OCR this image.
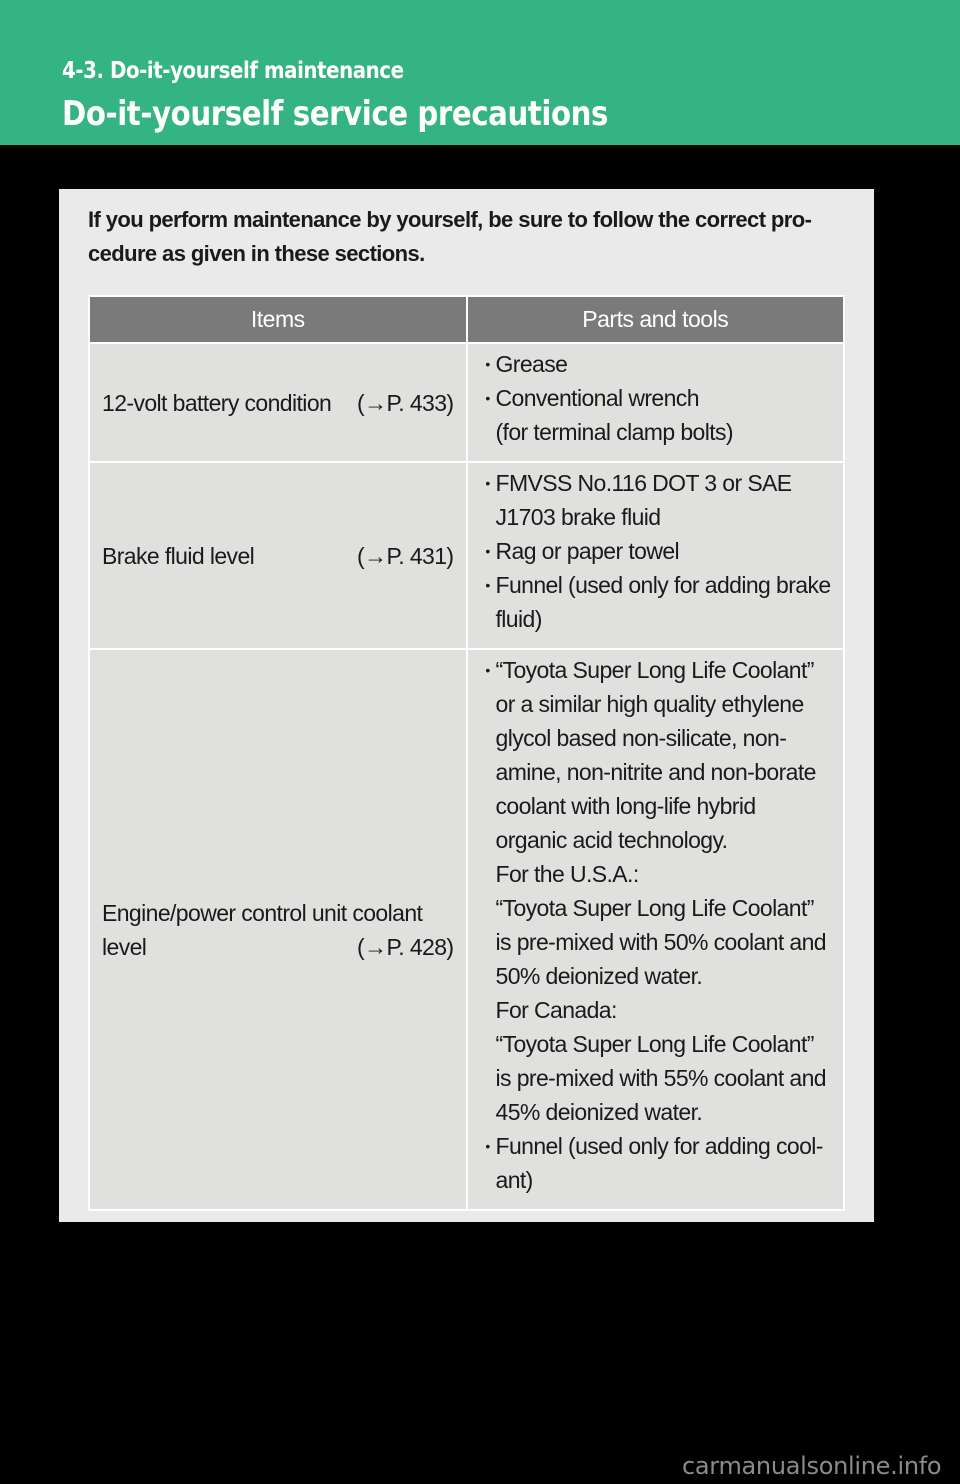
4-3. Do-it-yourself maintenance
Do-it-yourself service precautions
If you perform maintenance by yourself, be sure to follow the correct pro-
cedure as given in these sections.
Items	Parts and tools

12-volt battery condition (→P. 433)

• Grease
• Conventional wrench
(for terminal clamp bolts)

Brake fluid level	(→P. 431)

• FMVSS No.116 DOT 3 or SAE
J1703 brake fluid
• Rag or paper towel
• Funnel (used only for adding brake
fluid)

Engine/power control unit coolant
level	(→P. 428)

• “Toyota Super Long Life Coolant”
or a similar high quality ethylene
glycol based non-silicate, non-
amine, non-nitrite and non-borate
coolant with long-life hybrid
organic acid technology.
For the U.S.A.:
“Toyota Super Long Life Coolant”
is pre-mixed with 50% coolant and
50% deionized water.
For Canada:
“Toyota Super Long Life Coolant”
is pre-mixed with 55% coolant and
45% deionized water.
• Funnel (used only for adding cool-
ant)
carmanualsonline.info
